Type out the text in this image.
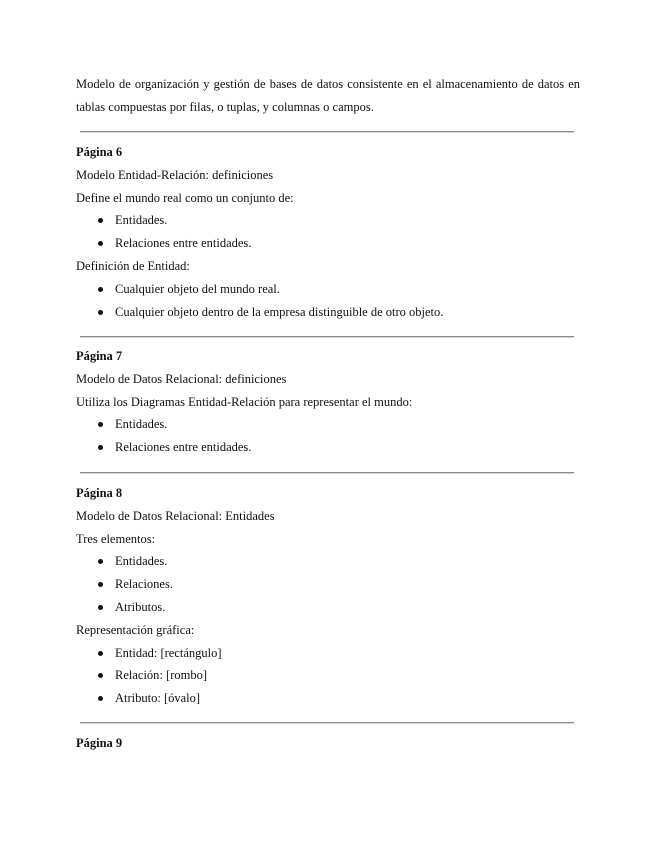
Modelo de organización y gestión de bases de datos consistente en el almacenamiento de datos en tablas compuestas por filas, o tuplas, y columnas o campos.

Página 6
Modelo Entidad-Relación: definiciones
Define el mundo real como un conjunto de:
Entidades.
Relaciones entre entidades.
Definición de Entidad:
Cualquier objeto del mundo real.
Cualquier objeto dentro de la empresa distinguible de otro objeto.
Página 7
Modelo de Datos Relacional: definiciones
Utiliza los Diagramas Entidad-Relación para representar el mundo:
Entidades.
Relaciones entre entidades.
Página 8
Modelo de Datos Relacional: Entidades
Tres elementos:
Entidades.
Relaciones.
Atributos.
Representación gráfica:
Entidad: [rectángulo]
Relación: [rombo]
Atributo: [óvalo]
Página 9
